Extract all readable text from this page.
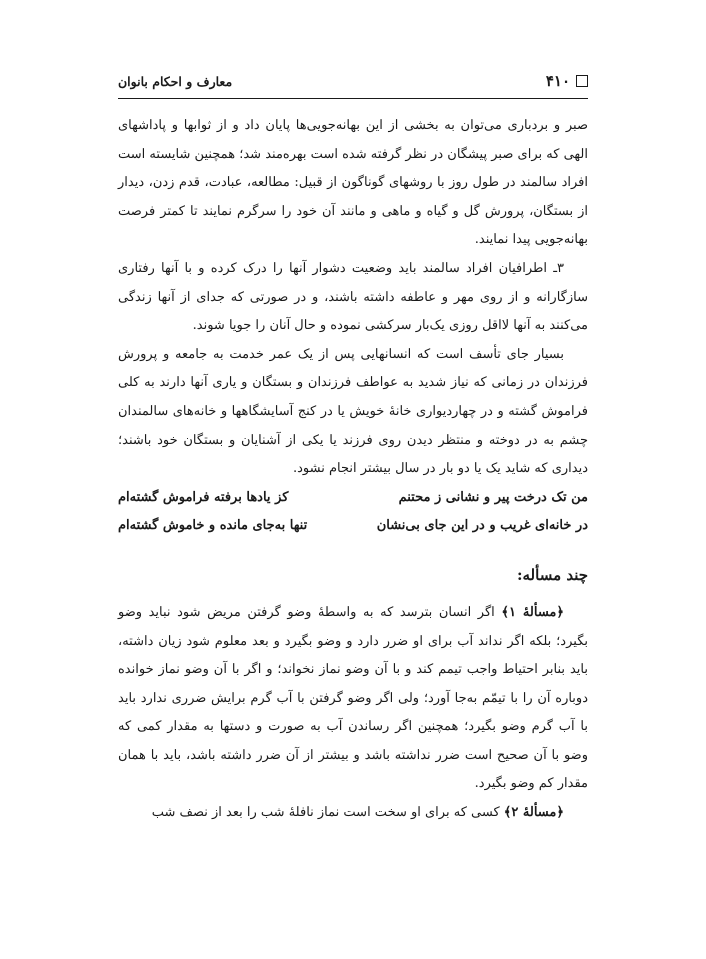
۴۱۰
معارف و احکام بانوان

صبر و بردباری می‌توان به بخشی از این بهانه‌جویی‌ها پایان داد و از ثوابها و پاداشهای الهی که برای صبر پیشگان در نظر گرفته شده است بهره‌مند شد؛ همچنین شایسته است افراد سالمند در طول روز با روشهای گوناگون از قبیل: مطالعه، عبادت، قدم زدن، دیدار از بستگان، پرورش گل و گیاه و ماهی و مانند آن خود را سرگرم نمایند تا کمتر فرصت بهانه‌جویی پیدا نمایند.

۳ـ اطرافیان افراد سالمند باید وضعیت دشوار آنها را درک کرده و با آنها رفتاری سازگارانه و از روی مهر و عاطفه داشته باشند، و در صورتی که جدای از آنها زندگی می‌کنند به آنها لااقل روزی یک‌بار سرکشی نموده و حال آنان را جویا شوند.

بسیار جای تأسف است که انسانهایی پس از یک عمر خدمت به جامعه و پرورش فرزندان در زمانی که نیاز شدید به عواطف فرزندان و بستگان و یاری آنها دارند به کلی فراموش گشته و در چهاردیواری خانهٔ خویش یا در کنج آسایشگاهها و خانه‌های سالمندان چشم به در دوخته و منتظر دیدن روی فرزند یا یکی از آشنایان و بستگان خود باشند؛ دیداری که شاید یک یا دو بار در سال بیشتر انجام نشود.

من تک درخت پیر و نشانی ز محتنم
کز یادها برفته فراموش گشته‌ام
در خانه‌ای غریب و در این جای بی‌نشان
تنها به‌جای مانده و خاموش گشته‌ام
چند مسأله:

﴿مسألهٔ ۱﴾ اگر انسان بترسد که به واسطهٔ وضو گرفتن مریض شود نباید وضو بگیرد؛ بلکه اگر نداند آب برای او ضرر دارد و وضو بگیرد و بعد معلوم شود زیان داشته، باید بنابر احتیاط واجب تیمم کند و با آن وضو نماز نخواند؛ و اگر با آن وضو نماز خوانده دوباره آن را با تیمّم به‌جا آورد؛ ولی اگر وضو گرفتن با آب گرم برایش ضرری ندارد باید با آب گرم وضو بگیرد؛ همچنین اگر رساندن آب به صورت و دستها به مقدار کمی که وضو با آن صحیح است ضرر نداشته باشد و بیشتر از آن ضرر داشته باشد، باید با همان مقدار کم وضو بگیرد.

﴿مسألهٔ ۲﴾ کسی که برای او سخت است نماز نافلهٔ شب را بعد از نصف شب
